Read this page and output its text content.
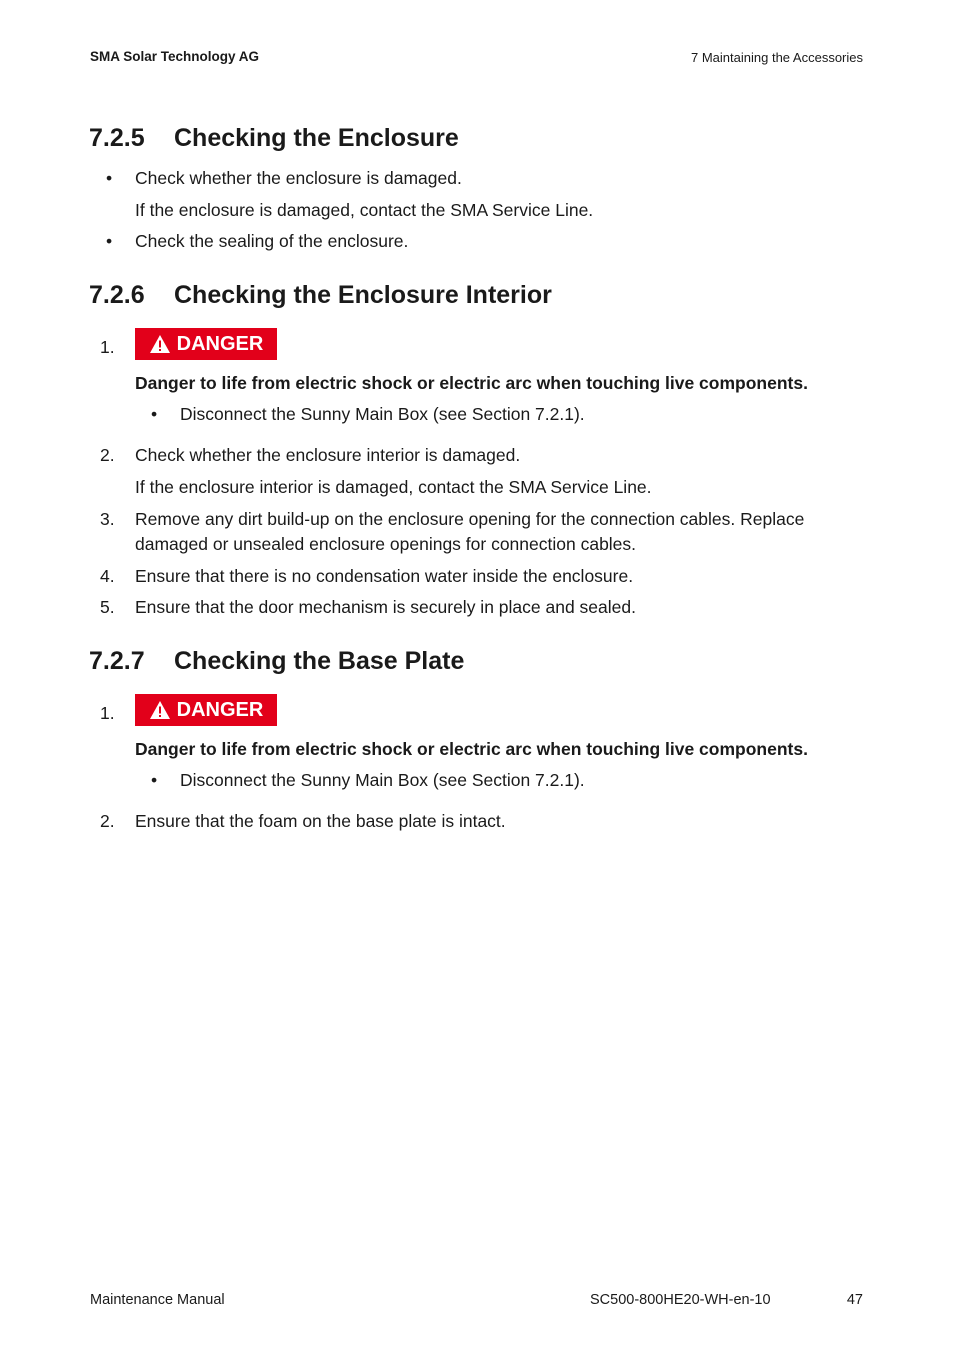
SMA Solar Technology AG	7 Maintaining the Accessories
7.2.5 Checking the Enclosure
• Check whether the enclosure is damaged.
If the enclosure is damaged, contact the SMA Service Line.
• Check the sealing of the enclosure.
7.2.6 Checking the Enclosure Interior
1.	DANGER
Danger to life from electric shock or electric arc when touching live components.
• Disconnect the Sunny Main Box (see Section 7.2.1).
2.	Check whether the enclosure interior is damaged.
If the enclosure interior is damaged, contact the SMA Service Line.
3.	Remove any dirt build-up on the enclosure opening for the connection cables. Replace
damaged or unsealed enclosure openings for connection cables.
4.	Ensure that there is no condensation water inside the enclosure.
5.	Ensure that the door mechanism is securely in place and sealed.
7.2.7 Checking the Base Plate
1.	DANGER
Danger to life from electric shock or electric arc when touching live components.
• Disconnect the Sunny Main Box (see Section 7.2.1).
2.	Ensure that the foam on the base plate is intact.
Maintenance Manual	SC500-800HE20-WH-en-10	47
